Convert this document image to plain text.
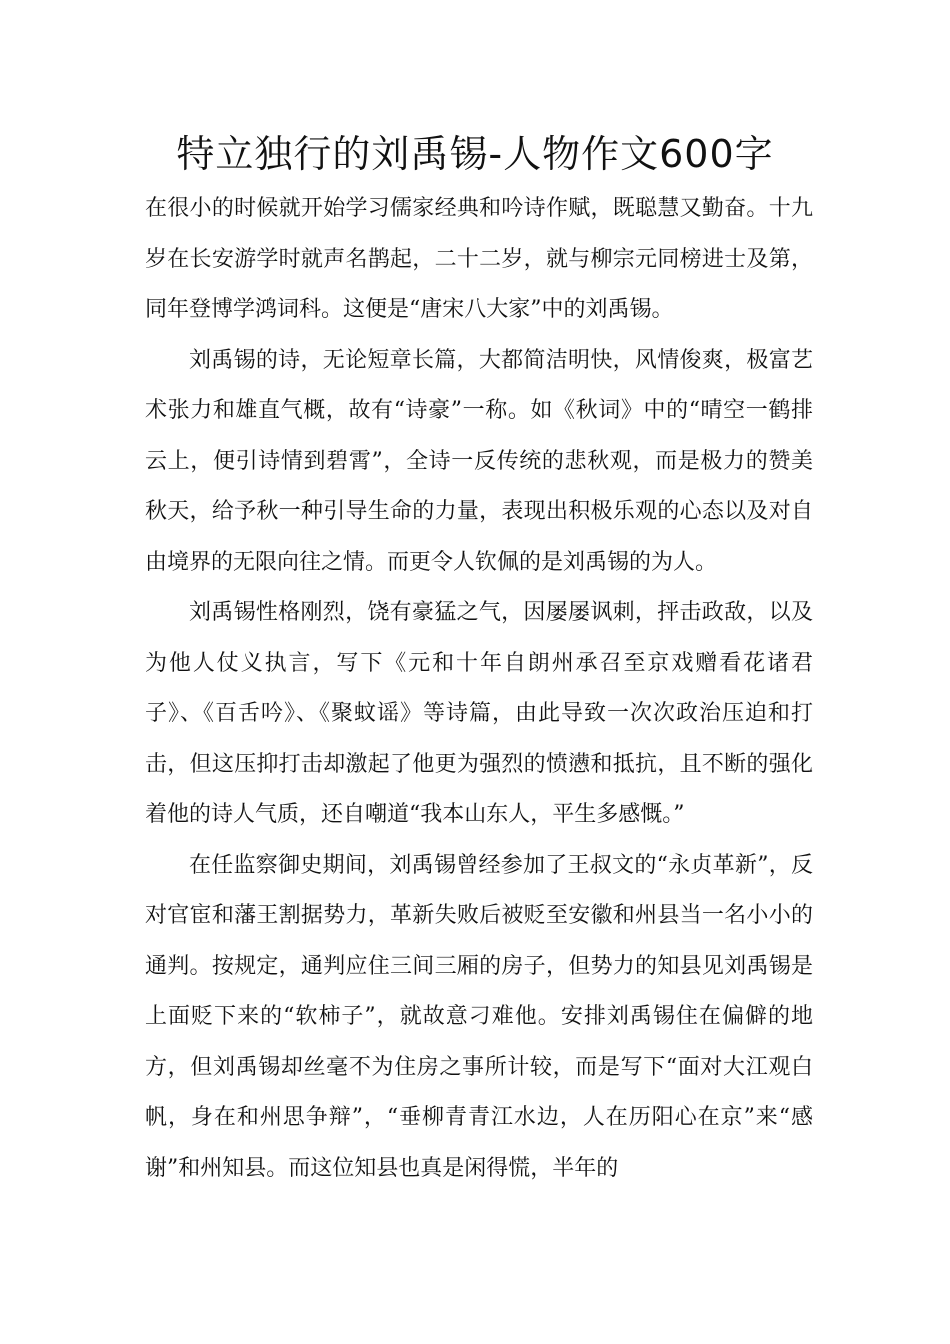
特立独行的刘禹锡-人物作文600字

在很小的时候就开始学习儒家经典和吟诗作赋，既聪慧又勤奋。十九岁在长安游学时就声名鹊起，二十二岁，就与柳宗元同榜进士及第，同年登博学鸿词科。这便是“唐宋八大家”中的刘禹锡。

刘禹锡的诗，无论短章长篇，大都简洁明快，风情俊爽，极富艺术张力和雄直气概，故有“诗豪”一称。如《秋词》中的“晴空一鹤排云上，便引诗情到碧霄”，全诗一反传统的悲秋观，而是极力的赞美秋天，给予秋一种引导生命的力量，表现出积极乐观的心态以及对自由境界的无限向往之情。而更令人钦佩的是刘禹锡的为人。

刘禹锡性格刚烈，饶有豪猛之气，因屡屡讽刺，抨击政敌，以及为他人仗义执言，写下《元和十年自朗州承召至京戏赠看花诸君子》、《百舌吟》、《聚蚊谣》等诗篇，由此导致一次次政治压迫和打击，但这压抑打击却激起了他更为强烈的愤懑和抵抗，且不断的强化着他的诗人气质，还自嘲道“我本山东人，平生多感慨。”

在任监察御史期间，刘禹锡曾经参加了王叔文的“永贞革新”，反对官宦和藩王割据势力，革新失败后被贬至安徽和州县当一名小小的通判。按规定，通判应住三间三厢的房子，但势力的知县见刘禹锡是上面贬下来的“软柿子”，就故意刁难他。安排刘禹锡住在偏僻的地方，但刘禹锡却丝毫不为住房之事所计较，而是写下“面对大江观白帆，身在和州思争辩”，“垂柳青青江水边，人在历阳心在京”来“感谢”和州知县。而这位知县也真是闲得慌，半年的
